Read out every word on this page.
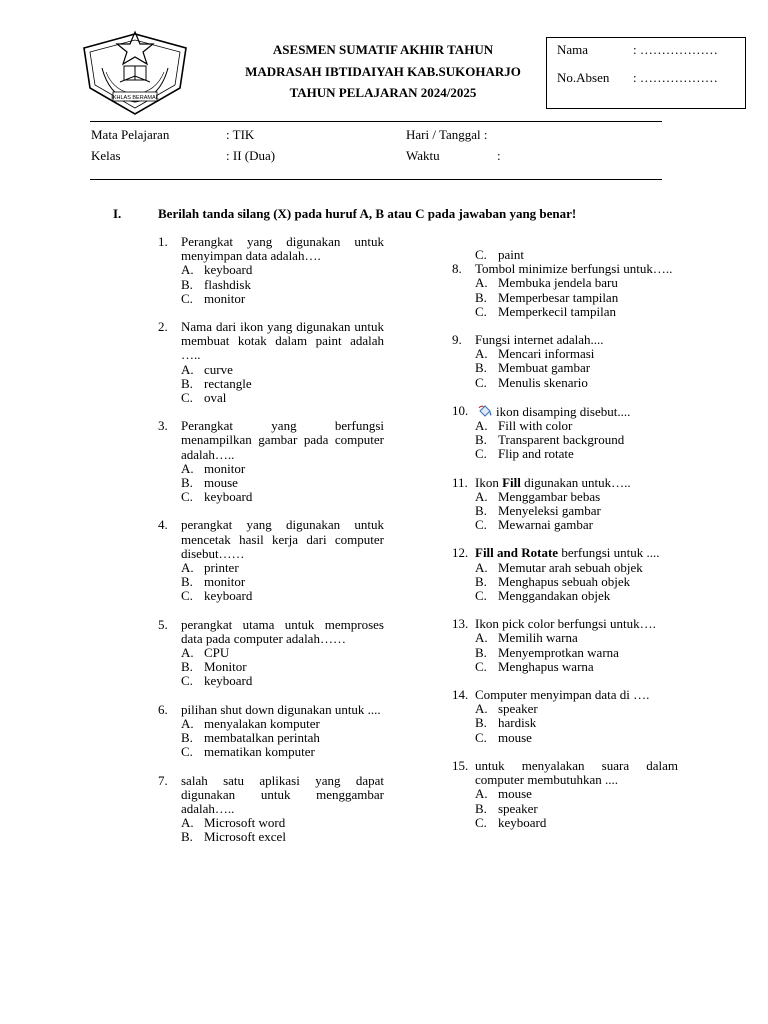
IKHLAS BERAMAL
ASESMEN SUMATIF AKHIR TAHUN
MADRASAH IBTIDAIYAH KAB.SUKOHARJO
TAHUN PELAJARAN 2024/2025
Nama	: ………………
No.Absen : ………………
Mata Pelajaran	: TIK	Hari / Tanggal :
Kelas	: II (Dua)	Waktu	:
I.	Berilah tanda silang (X) pada huruf A, B atau C pada jawaban yang benar!
1. Perangkat yang digunakan untuk menyimpan data adalah….
A. keyboard
B. flashdisk
C. monitor
2. Nama dari ikon yang digunakan untuk membuat kotak dalam paint adalah …..
A. curve
B. rectangle
C. oval
3. Perangkat yang berfungsi menampilkan gambar pada computer adalah…..
A. monitor
B. mouse
C. keyboard
4. perangkat yang digunakan untuk mencetak hasil kerja dari computer disebut……
A. printer
B. monitor
C. keyboard
5. perangkat utama untuk memproses data pada computer adalah……
A. CPU
B. Monitor
C. keyboard
6. pilihan shut down digunakan untuk ....
A. menyalakan komputer
B. membatalkan perintah
C. mematikan komputer
7. salah satu aplikasi yang dapat digunakan untuk menggambar adalah…..
A. Microsoft word
B. Microsoft excel
C. paint
8. Tombol minimize berfungsi untuk…..
A. Membuka jendela baru
B. Memperbesar tampilan
C. Memperkecil tampilan
9. Fungsi internet adalah....
A. Mencari informasi
B. Membuat gambar
C. Menulis skenario
10.	ikon disamping disebut....
A. Fill with color
B. Transparent background
C. Flip and rotate
11. Ikon Fill digunakan untuk…..
A. Menggambar bebas
B. Menyeleksi gambar
C. Mewarnai gambar
12. Fill and Rotate berfungsi untuk ....
A. Memutar arah sebuah objek
B. Menghapus sebuah objek
C. Menggandakan objek
13. Ikon pick color berfungsi untuk….
A. Memilih warna
B. Menyemprotkan warna
C. Menghapus warna
14. Computer menyimpan data di ….
A. speaker
B. hardisk
C. mouse
15. untuk menyalakan suara dalam computer membutuhkan ....
A. mouse
B. speaker
C. keyboard
